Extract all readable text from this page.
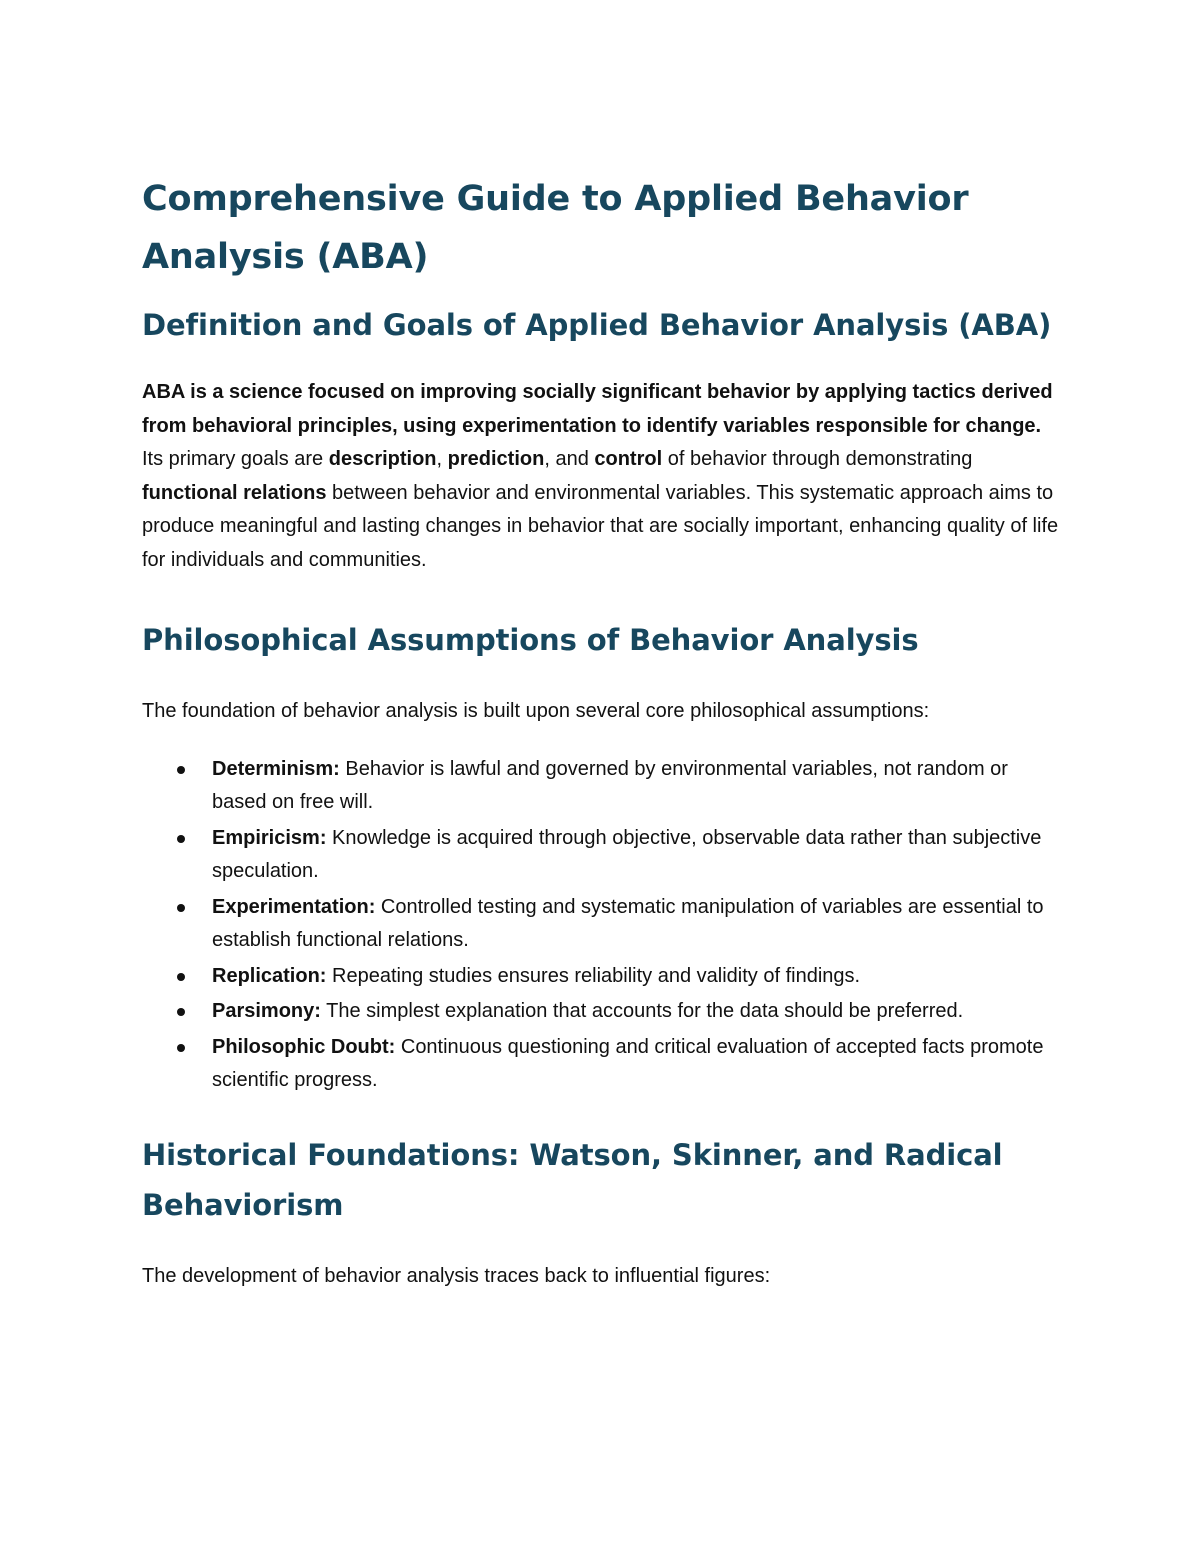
Comprehensive Guide to Applied Behavior Analysis (ABA)
Definition and Goals of Applied Behavior Analysis (ABA)

ABA is a science focused on improving socially significant behavior by applying tactics derived from behavioral principles, using experimentation to identify variables responsible for change. Its primary goals are description, prediction, and control of behavior through demonstrating functional relations between behavior and environmental variables. This systematic approach aims to produce meaningful and lasting changes in behavior that are socially important, enhancing quality of life for individuals and communities.

Philosophical Assumptions of Behavior Analysis

The foundation of behavior analysis is built upon several core philosophical assumptions:

Determinism: Behavior is lawful and governed by environmental variables, not random or based on free will.
Empiricism: Knowledge is acquired through objective, observable data rather than subjective speculation.
Experimentation: Controlled testing and systematic manipulation of variables are essential to establish functional relations.
Replication: Repeating studies ensures reliability and validity of findings.
Parsimony: The simplest explanation that accounts for the data should be preferred.
Philosophic Doubt: Continuous questioning and critical evaluation of accepted facts promote scientific progress.
Historical Foundations: Watson, Skinner, and Radical Behaviorism

The development of behavior analysis traces back to influential figures:
